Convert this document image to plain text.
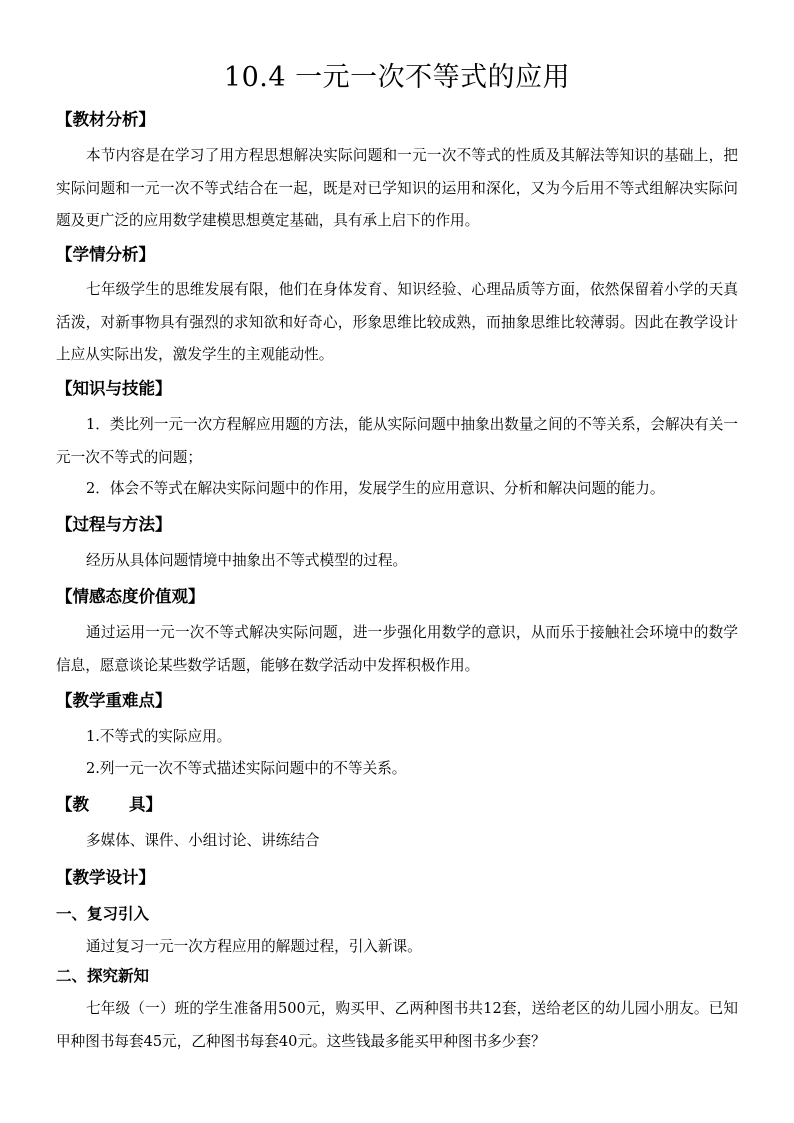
10.4 一元一次不等式的应用
【教材分析】
本节内容是在学习了用方程思想解决实际问题和一元一次不等式的性质及其解法等知识的基础上，把实际问题和一元一次不等式结合在一起，既是对已学知识的运用和深化，又为今后用不等式组解决实际问题及更广泛的应用数学建模思想奠定基础，具有承上启下的作用。
【学情分析】
七年级学生的思维发展有限，他们在身体发育、知识经验、心理品质等方面，依然保留着小学的天真活泼，对新事物具有强烈的求知欲和好奇心，形象思维比较成熟，而抽象思维比较薄弱。因此在教学设计上应从实际出发，激发学生的主观能动性。
【知识与技能】
1．类比列一元一次方程解应用题的方法，能从实际问题中抽象出数量之间的不等关系，会解决有关一元一次不等式的问题；
2．体会不等式在解决实际问题中的作用，发展学生的应用意识、分析和解决问题的能力。
【过程与方法】
经历从具体问题情境中抽象出不等式模型的过程。
【情感态度价值观】
通过运用一元一次不等式解决实际问题，进一步强化用数学的意识，从而乐于接触社会环境中的数学信息，愿意谈论某些数学话题，能够在数学活动中发挥积极作用。
【教学重难点】
1.不等式的实际应用。
2.列一元一次不等式描述实际问题中的不等关系。
【教 具】
多媒体、课件、小组讨论、讲练结合
【教学设计】
一、复习引入
通过复习一元一次方程应用的解题过程，引入新课。
二、探究新知
七年级（一）班的学生准备用500元，购买甲、乙两种图书共12套，送给老区的幼儿园小朋友。已知甲种图书每套45元，乙种图书每套40元。这些钱最多能买甲种图书多少套？
